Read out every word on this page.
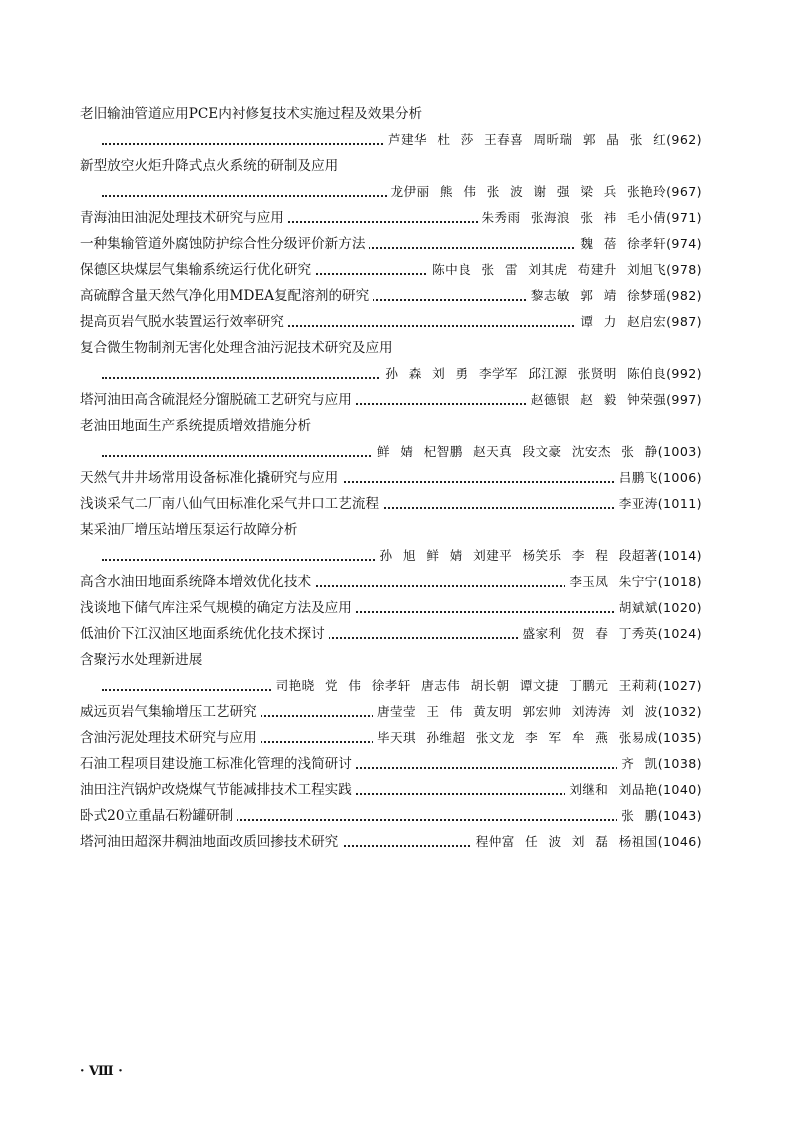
老旧输油管道应用PCE内衬修复技术实施过程及效果分析
芦建华 杜 莎 王春喜 周昕瑞 郭 晶 张 红(962)
新型放空火炬升降式点火系统的研制及应用
龙伊丽 熊 伟 张 波 谢 强 梁 兵 张艳玲(967)
青海油田油泥处理技术研究与应用	朱秀雨 张海浪 张 祎 毛小倩(971)
一种集输管道外腐蚀防护综合性分级评价新方法	魏 蓓 徐孝轩(974)
保德区块煤层气集输系统运行优化研究	陈中良 张 雷 刘其虎 苟建升 刘旭飞(978)
高硫醇含量天然气净化用MDEA复配溶剂的研究	黎志敏 郭 靖 徐梦瑶(982)
提高页岩气脱水装置运行效率研究	谭 力 赵启宏(987)
复合微生物制剂无害化处理含油污泥技术研究及应用
孙 森 刘 勇 李学军 邱江源 张贤明 陈伯良(992)
塔河油田高含硫混烃分馏脱硫工艺研究与应用	赵德银 赵 毅 钟荣强(997)
老油田地面生产系统提质增效措施分析
鲜 婧 杞智鹏 赵天真 段文豪 沈安杰 张 静(1003)
天然气井井场常用设备标准化撬研究与应用	吕鹏飞(1006)
浅谈采气二厂南八仙气田标准化采气井口工艺流程	李亚涛(1011)
某采油厂增压站增压泵运行故障分析
孙 旭 鲜 婧 刘建平 杨笑乐 李 程 段超著(1014)
高含水油田地面系统降本增效优化技术	李玉凤 朱宁宁(1018)
浅谈地下储气库注采气规模的确定方法及应用	胡斌斌(1020)
低油价下江汉油区地面系统优化技术探讨	盛家利 贺 春 丁秀英(1024)
含聚污水处理新进展
司艳晓 党 伟 徐孝轩 唐志伟 胡长朝 谭文捷 丁鹏元 王莉莉(1027)
威远页岩气集输增压工艺研究	唐莹莹 王 伟 黄友明 郭宏帅 刘涛涛 刘 波(1032)
含油污泥处理技术研究与应用	毕天琪 孙维超 张文龙 李 军 牟 燕 张易成(1035)
石油工程项目建设施工标准化管理的浅简研讨	齐 凯(1038)
油田注汽锅炉改烧煤气节能减排技术工程实践	刘继和 刘品艳(1040)
卧式20立重晶石粉罐研制	张 鹏(1043)
塔河油田超深井稠油地面改质回掺技术研究	程仲富 任 波 刘 磊 杨祖国(1046)
· Ⅷ ·
